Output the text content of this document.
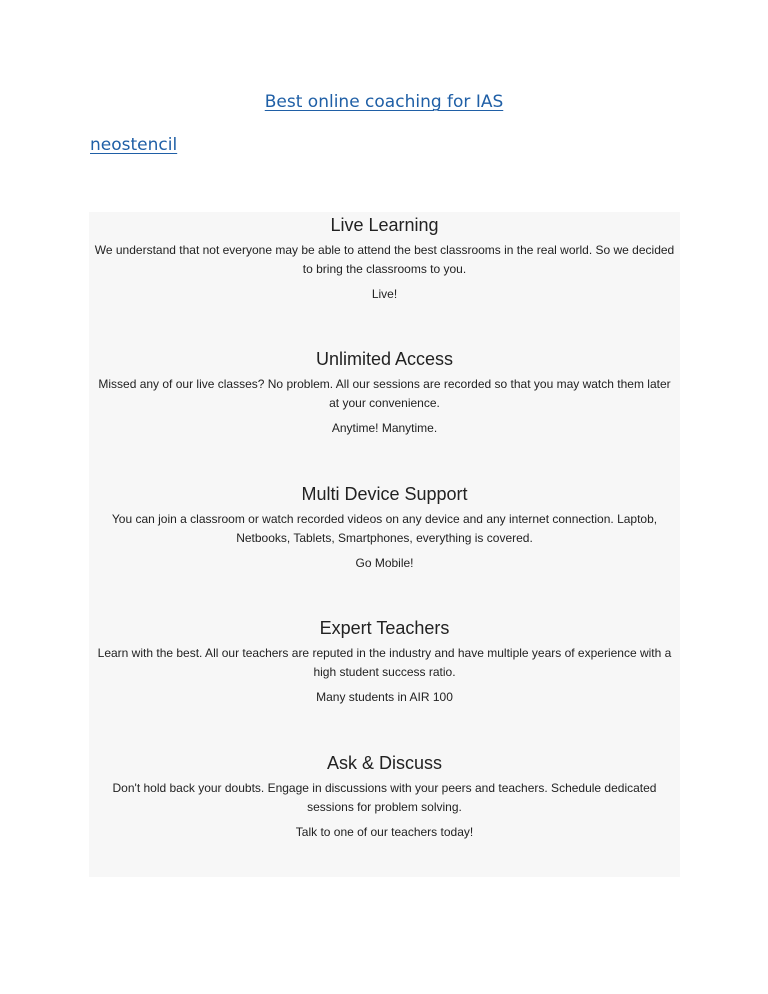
Best online coaching for IAS
neostencil
Live Learning

We understand that not everyone may be able to attend the best classrooms in the real world. So we decided to bring the classrooms to you.

Live!

Unlimited Access

Missed any of our live classes? No problem. All our sessions are recorded so that you may watch them later at your convenience.

Anytime! Manytime.

Multi Device Support

You can join a classroom or watch recorded videos on any device and any internet connection. Laptob, Netbooks, Tablets, Smartphones, everything is covered.

Go Mobile!

Expert Teachers

Learn with the best. All our teachers are reputed in the industry and have multiple years of experience with a high student success ratio.

Many students in AIR 100

Ask & Discuss

Don't hold back your doubts. Engage in discussions with your peers and teachers. Schedule dedicated sessions for problem solving.

Talk to one of our teachers today!
